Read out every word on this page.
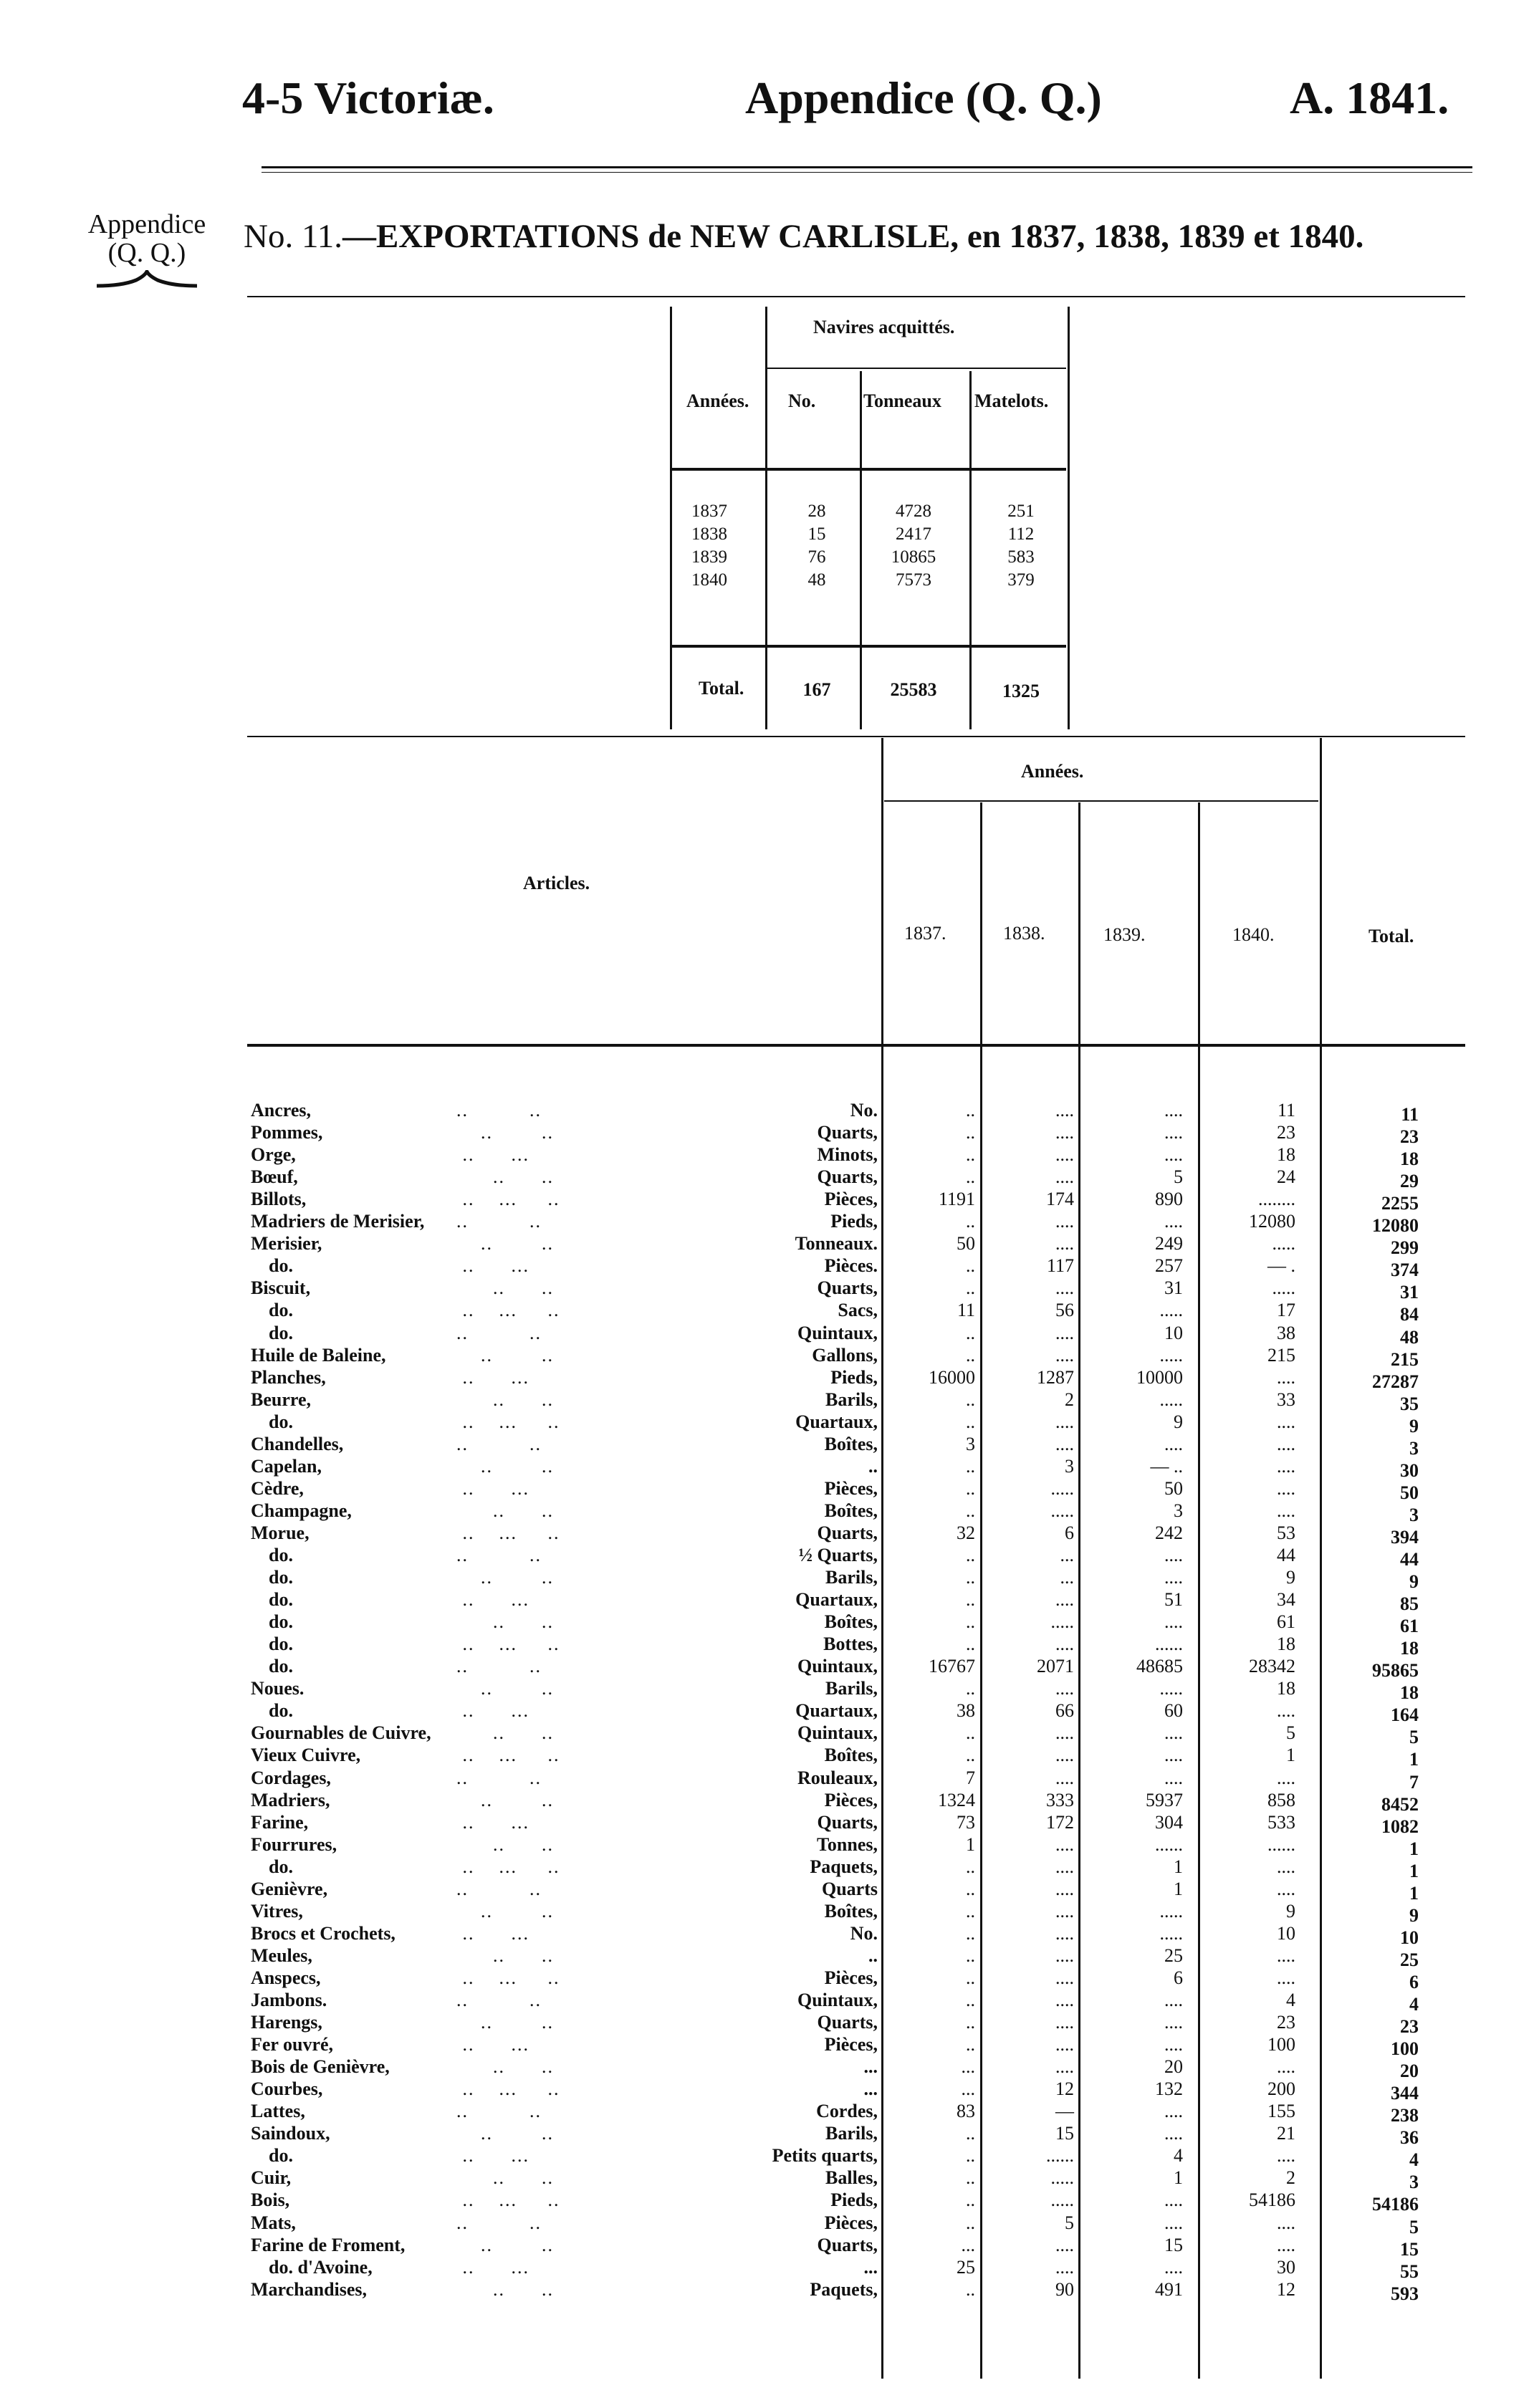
4-5 Victoriæ.	Appendice (Q. Q.)	A. 1841.
Appendice
(Q. Q.)	No. 11.—EXPORTATIONS de NEW CARLISLE, en 1837, 1838, 1839 et 1840.
Navires acquittés.
Années. No.	Tonneaux Matelots.
1837	28	4728	251
1838	15	2417	112
1839	76	10865	583
1840	48	7573	379
Total.	167	25583	1325
Articles.
Années.
1837.	1838.	1839.	1840.	Total.
Ancres,	..          ..	No.	..	....	....	11	11
Pommes,	..        ..	Quarts,	..	....	....	23	23
Orge,	..      ...	Minots,	..	....	....	18	18
Bœuf,	..      ..	Quarts,	..	....	5	24	29
Billots,	..    ...     ..	Pièces,	1191	174	890	........	2255
Madriers de Merisier, ..          ..	Pieds,	..	....	....	12080	12080
Merisier,	..        ..	Tonneaux.	50	....	249	.....	299
do.	..      ...	Pièces.	..	117	257	— .	374
Biscuit,	..      ..	Quarts,	..	....	31	.....	31
do.	..    ...     ..	Sacs,	11	56	.....	17	84
do.	..          ..	Quintaux,	..	....	10	38	48
Huile de Baleine,	..        ..	Gallons,	..	....	.....	215	215
Planches,	..      ...	Pieds,	16000	1287	10000	....	27287
Beurre,	..      ..	Barils,	..	2	.....	33	35
do.	..    ...     ..	Quartaux,	..	....	9	....	9
Chandelles,	..          ..	Boîtes,	3	....	....	....	3
Capelan,	..        ..	..	..	3	— ..	....	30
Cèdre,	..      ...	Pièces,	..	.....	50	....	50
Champagne,	..      ..	Boîtes,	..	.....	3	....	3
Morue,	..    ...     ..	Quarts,	32	6	242	53	394
do.	..          ..	½ Quarts,	..	...	....	44	44
do.	..        ..	Barils,	..	...	....	9	9
do.	..      ...	Quartaux,	..	....	51	34	85
do.	..      ..	Boîtes,	..	.....	....	61	61
do.	..    ...     ..	Bottes,	..	....	......	18	18
do.	..          ..	Quintaux,	16767	2071	48685	28342	95865
Noues.	..        ..	Barils,	..	....	.....	18	18
do.	..      ...	Quartaux,	38	66	60	....	164
Gournables de Cuivre, ..      ..	Quintaux,	..	....	....	5	5
Vieux Cuivre,	..    ...     ..	Boîtes,	..	....	....	1	1
Cordages,	..          ..	Rouleaux,	7	....	....	....	7
Madriers,	..        ..	Pièces,	1324	333	5937	858	8452
Farine,	..      ...	Quarts,	73	172	304	533	1082
Fourrures,	..      ..	Tonnes,	1	....	......	......	1
do.	..    ...     ..	Paquets,	..	....	1	....	1
Genièvre,	..          ..	Quarts	..	....	1	....	1
Vitres,	..        ..	Boîtes,	..	....	.....	9	9
Brocs et Crochets,	..      ...	No.	..	....	.....	10	10
Meules,	..      ..	..	..	....	25	....	25
Anspecs,	..    ...     ..	Pièces,	..	....	6	....	6
Jambons.	..          ..	Quintaux,	..	....	....	4	4
Harengs,	..        ..	Quarts,	..	....	....	23	23
Fer ouvré,	..      ...	Pièces,	..	....	....	100	100
Bois de Genièvre,	..      ..	...	...	....	20	....	20
Courbes,	..    ...     ..	...	...	12	132	200	344
Lattes,	..          ..	Cordes,	83	—	....	155	238
Saindoux,	..        ..	Barils,	..	15	....	21	36
do.	..      ...	Petits quarts,	..	......	4	....	4
Cuir,	..      ..	Balles,	..	.....	1	2	3
Bois,	..    ...     ..	Pieds,	..	.....	....	54186	54186
Mats,	..          ..	Pièces,	..	5	....	....	5
Farine de Froment, ..        ..	Quarts,	...	....	15	....	15
do. d'Avoine,	..      ...	...	25	....	....	30	55
Marchandises,	..      ..	Paquets,	..	90	491	12	593
